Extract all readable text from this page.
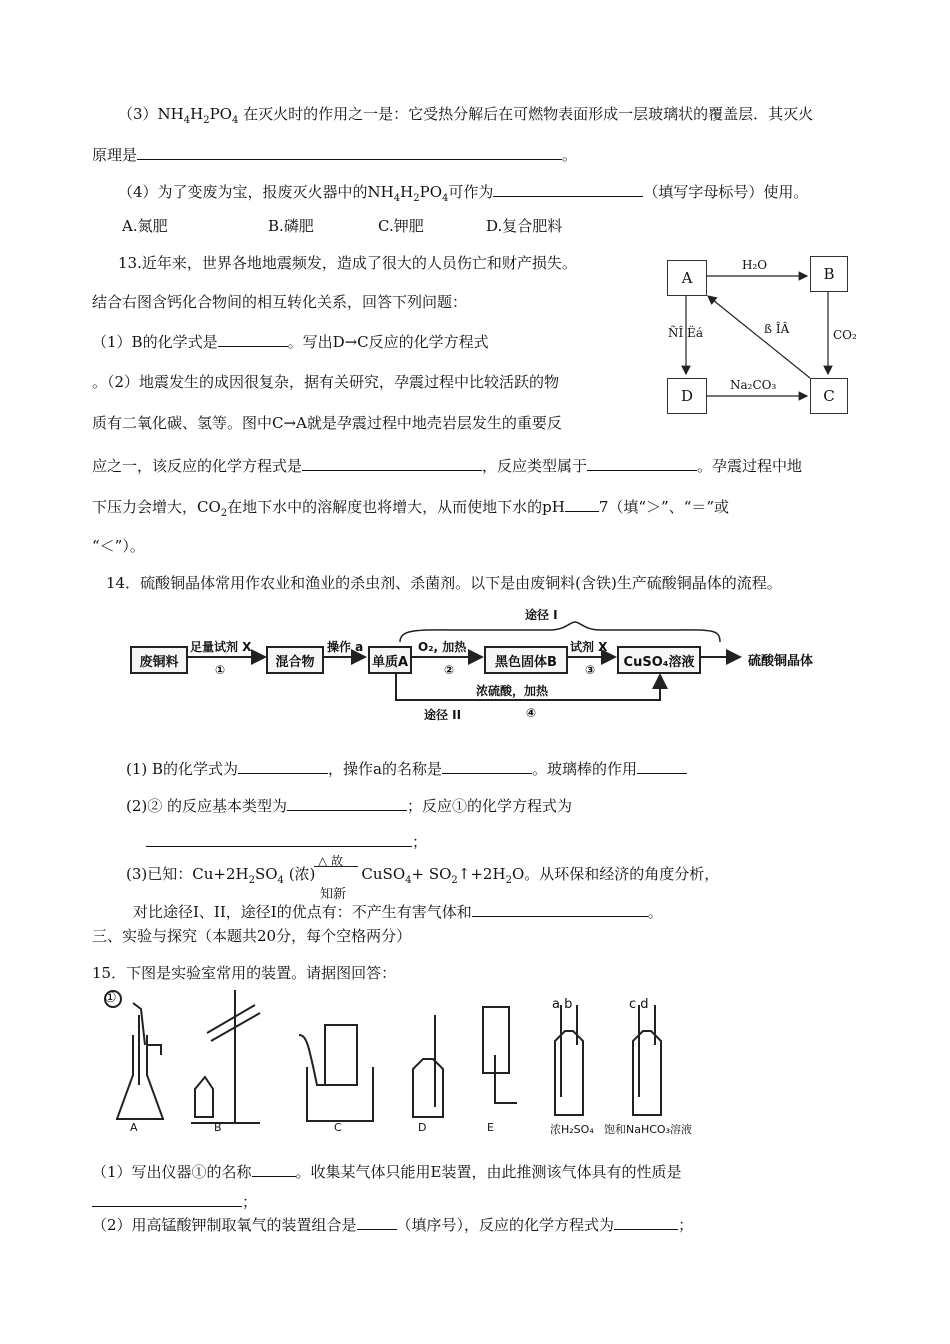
$(3)NH_4H_2PO_4$ 在灭火时的作用之一是：它受热分解后在可燃物表面形成一层玻璃状的覆盖层．其灭火
原理是	。
（4）为了变废为宝，报废灭火器中的$NH_4H_2PO_4$可作为	（填写字母标号）使用。
A.氮肥	B.磷肥	C.钾肥	D.复合肥料
13.近年来，世界各地地震频发，造成了很大的人员伤亡和财产损失。
结合右图含钙化合物间的相互转化关系，回答下列问题：
（1）B的化学式是	。写出D→C反应的化学方程式
。（2）地震发生的成因很复杂，据有关研究，孕震过程中比较活跃的物
质有二氧化碳、氢等。图中C→A就是孕震过程中地壳岩层发生的重要反
应之一，该反应的化学方程式是	，反应类型属于	。孕震过程中地
下压力会增大，$CO_2$在地下水中的溶解度也将增大，从而使地下水的pH 7（填“＞”、“＝”或
“＜”）。
A	B
D	C
H₂O
CO₂
Na₂CO₃
ÑÎ Ëá	ß ÎÂ
14．硫酸铜晶体常用作农业和渔业的杀虫剂、杀菌剂。以下是由废铜料(含铁)生产硫酸铜晶体的流程。
途径 I
废铜料	混合物	单质A	黑色固体B	CuSO₄溶液	硫酸铜晶体
足量试剂 X
①
操作 a	O₂, 加热
②
试剂 X
③
浓硫酸，加热
途径 II	④
(1) B的化学式为	，操作a的名称是	。玻璃棒的作用
(2)② 的反应基本类型为	；反应①的化学方程式为
；
(3)已知：$Cu+2H_2SO_4$ (浓)	CuSO$_4$+ $SO_2↑+2H_2O$。从环保和经济的角度分析，
△ 故
知新
对比途径I、II，途径I的优点有：不产生有害气体和	。
三、实验与探究（本题共20分，每个空格两分）
15．下图是实验室常用的装置。请据图回答：
①
A	B	C	D	E
a b	c d
浓H₂SO₄ 饱和NaHCO₃溶液
（1）写出仪器①的名称	。收集某气体只能用E装置，由此推测该气体具有的性质是
；
（2）用高锰酸钾制取氧气的装置组合是	（填序号），反应的化学方程式为	；
